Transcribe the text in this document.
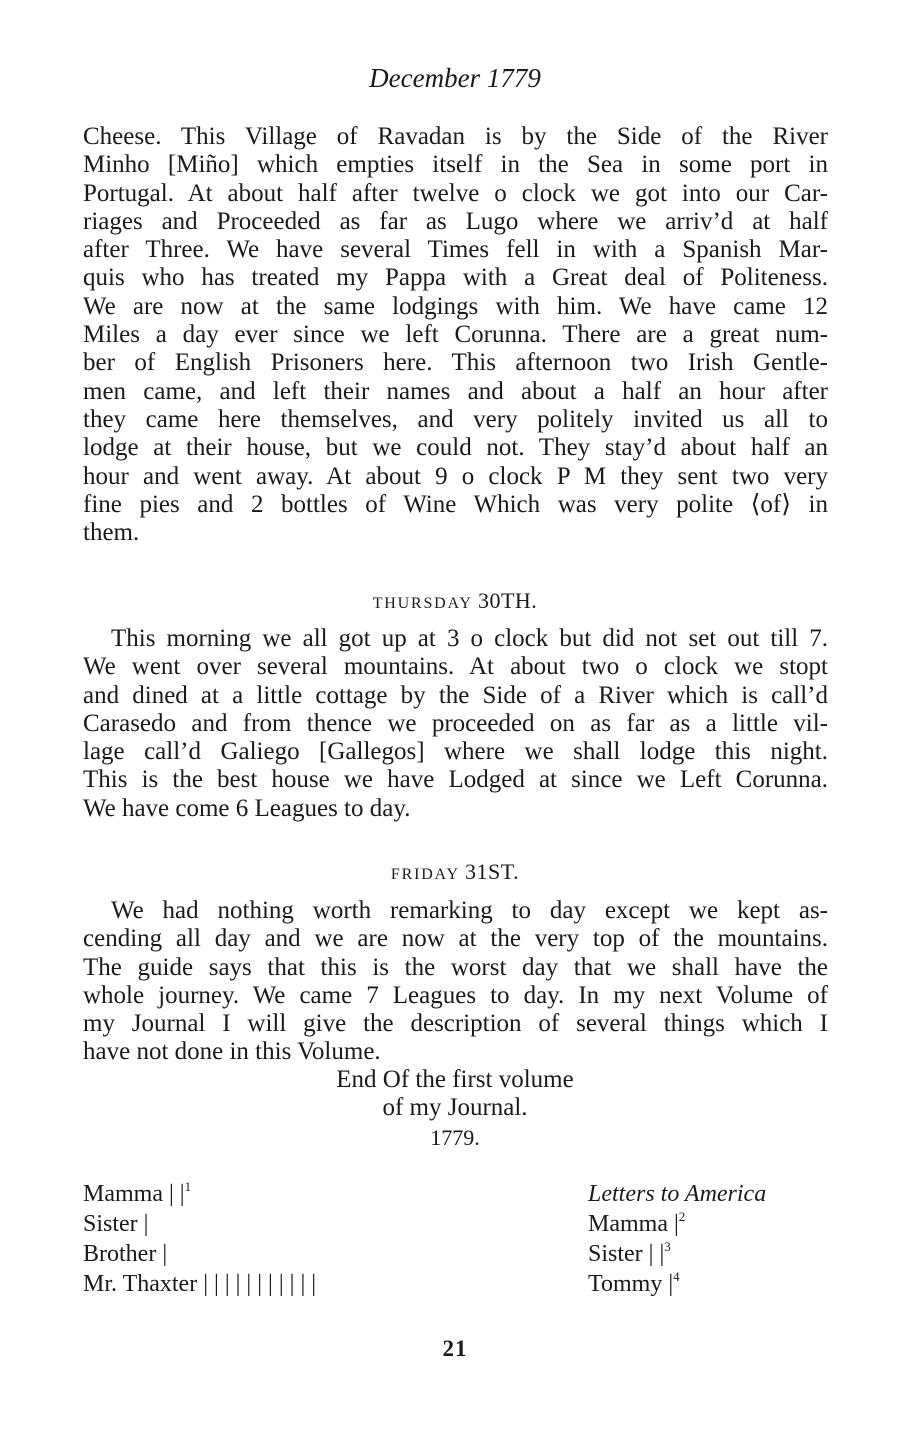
December 1779
Cheese. This Village of Ravadan is by the Side of the River
Minho [Miño] which empties itself in the Sea in some port in
Portugal. At about half after twelve o clock we got into our Car-
riages and Proceeded as far as Lugo where we arriv’d at half
after Three. We have several Times fell in with a Spanish Mar-
quis who has treated my Pappa with a Great deal of Politeness.
We are now at the same lodgings with him. We have came 12
Miles a day ever since we left Corunna. There are a great num-
ber of English Prisoners here. This afternoon two Irish Gentle-
men came, and left their names and about a half an hour after
they came here themselves, and very politely invited us all to
lodge at their house, but we could not. They stay’d about half an
hour and went away. At about 9 o clock P M they sent two very
fine pies and 2 bottles of Wine Which was very polite ⟨of⟩ in
them.
THURSDAY 30TH.
This morning we all got up at 3 o clock but did not set out till 7.
We went over several mountains. At about two o clock we stopt
and dined at a little cottage by the Side of a River which is call’d
Carasedo and from thence we proceeded on as far as a little vil-
lage call’d Galiego [Gallegos] where we shall lodge this night.
This is the best house we have Lodged at since we Left Corunna.
We have come 6 Leagues to day.
FRIDAY 31ST.
We had nothing worth remarking to day except we kept as-
cending all day and we are now at the very top of the mountains.
The guide says that this is the worst day that we shall have the
whole journey. We came 7 Leagues to day. In my next Volume of
my Journal I will give the description of several things which I
have not done in this Volume.
End Of the first volume
of my Journal.
1779.
Mamma | $|^1$
Sister |
Brother |
Mr. Thaxter | | | | | | | | | | |
Letters to America
Mamma $|^2$
Sister | $|^3$
Tommy $|^4$
21
